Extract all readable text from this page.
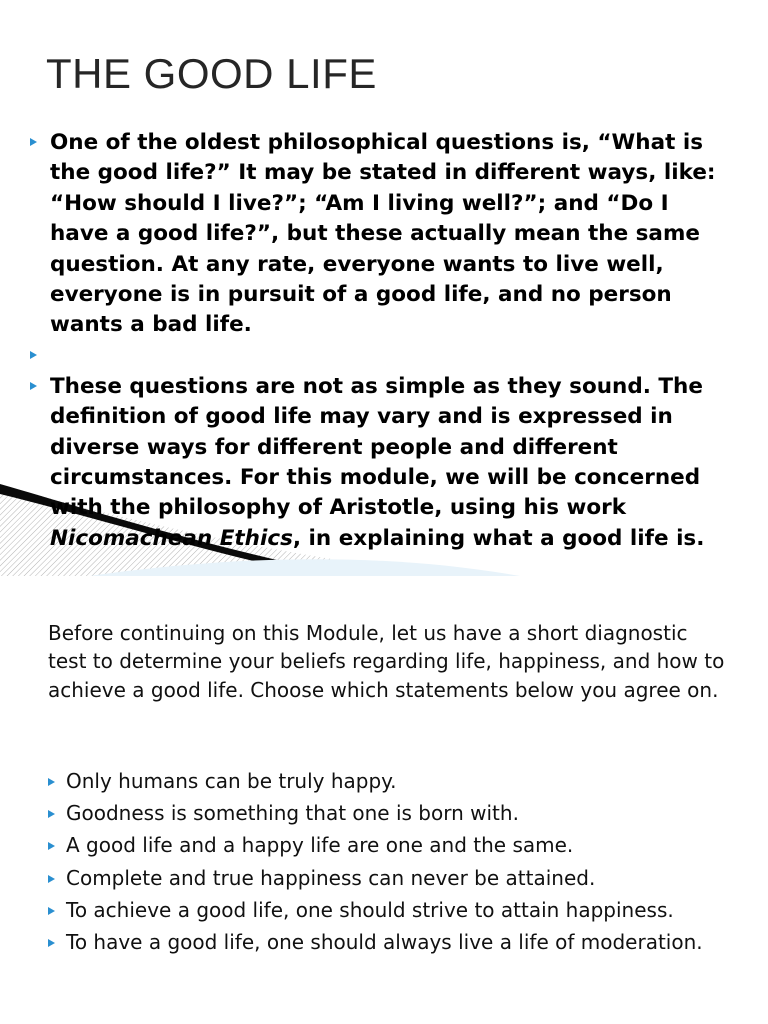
THE GOOD LIFE
One of the oldest philosophical questions is, “What is the good life?” It may be stated in different ways, like: “How should I live?”; “Am I living well?”; and “Do I have a good life?”, but these actually mean the same question. At any rate, everyone wants to live well, everyone is in pursuit of a good life, and no person wants a bad life.
These questions are not as simple as they sound. The definition of good life may vary and is expressed in diverse ways for different people and different circumstances. For this module, we will be concerned with the philosophy of Aristotle, using his work Nicomachean Ethics, in explaining what a good life is.

Before continuing on this Module, let us have a short diagnostic test to determine your beliefs regarding life, happiness, and how to achieve a good life. Choose which statements below you agree on.

Only humans can be truly happy.
Goodness is something that one is born with.
A good life and a happy life are one and the same.
Complete and true happiness can never be attained.
To achieve a good life, one should strive to attain happiness.
To have a good life, one should always live a life of moderation.
